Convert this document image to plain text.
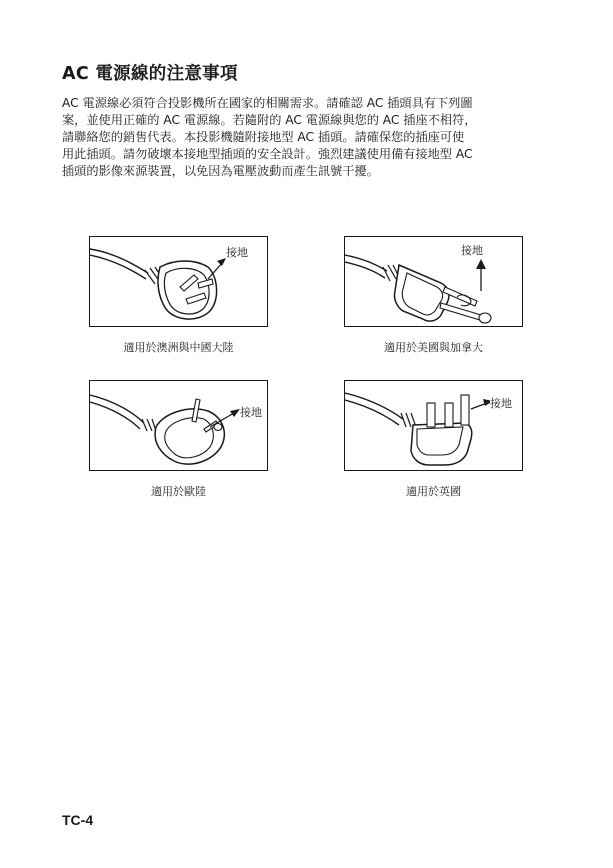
AC 電源線的注意事項
AC 電源線必須符合投影機所在國家的相關需求。請確認 AC 插頭具有下列圖
案，並使用正確的 AC 電源線。若隨附的 AC 電源線與您的 AC 插座不相符，
請聯絡您的銷售代表。本投影機隨附接地型 AC 插頭。請確保您的插座可使
用此插頭。請勿破壞本接地型插頭的安全設計。強烈建議使用備有接地型 AC
插頭的影像來源裝置，以免因為電壓波動而產生訊號干擾。
接地
適用於澳洲與中國大陸
接地
適用於美國與加拿大
接地
適用於歐陸
接地
適用於英國
TC-4
